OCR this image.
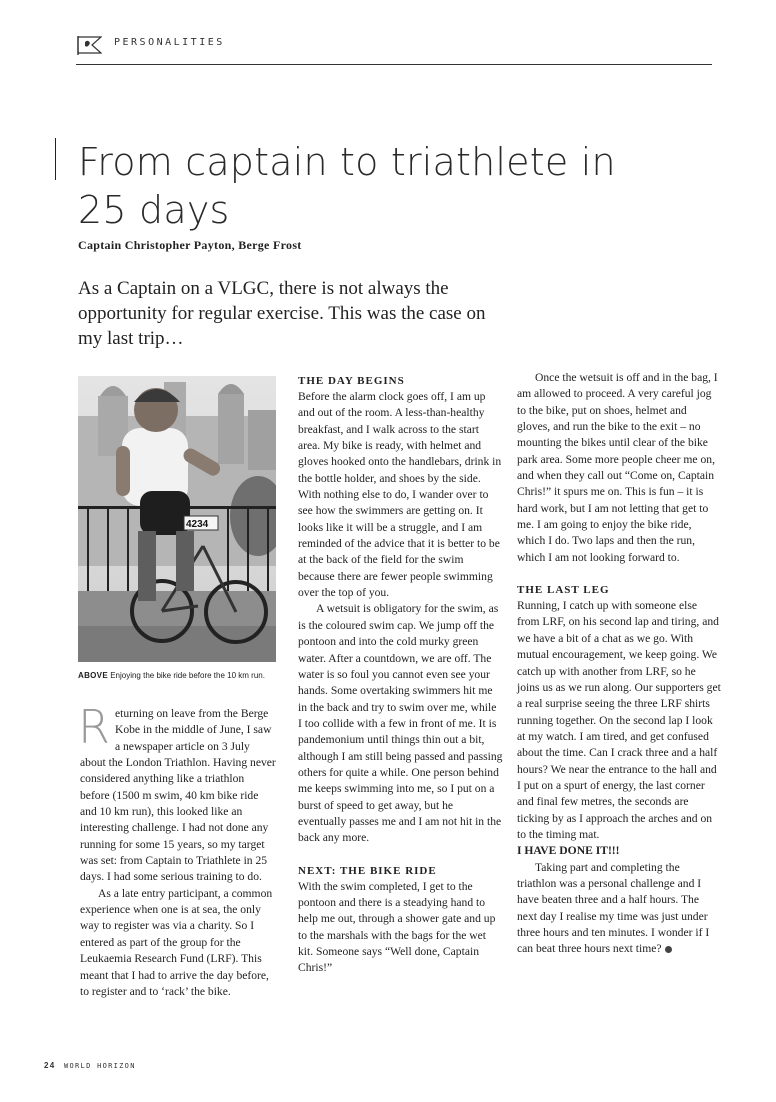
PERSONALITIES
From captain to triathlete in 25 days
Captain Christopher Payton, Berge Frost

As a Captain on a VLGC, there is not always the opportunity for regular exercise. This was the case on my last trip…

4234
ABOVE Enjoying the bike ride before the 10 km run.

Returning on leave from the Berge Kobe in the middle of June, I saw a newspaper article on 3 July about the London Triathlon. Having never considered anything like a triathlon before (1500 m swim, 40 km bike ride and 10 km run), this looked like an interesting challenge. I had not done any running for some 15 years, so my target was set: from Captain to Triathlete in 25 days. I had some serious training to do.

As a late entry participant, a common experience when one is at sea, the only way to register was via a charity. So I entered as part of the group for the Leukaemia Research Fund (LRF). This meant that I had to arrive the day before, to register and to ‘rack’ the bike.

THE DAY BEGINS

Before the alarm clock goes off, I am up and out of the room. A less-than-healthy breakfast, and I walk across to the start area. My bike is ready, with helmet and gloves hooked onto the handlebars, drink in the bottle holder, and shoes by the side. With nothing else to do, I wander over to see how the swimmers are getting on. It looks like it will be a struggle, and I am reminded of the advice that it is better to be at the back of the field for the swim because there are fewer people swimming over the top of you.

A wetsuit is obligatory for the swim, as is the coloured swim cap. We jump off the pontoon and into the cold murky green water. After a countdown, we are off. The water is so foul you cannot even see your hands. Some overtaking swimmers hit me in the back and try to swim over me, while I too collide with a few in front of me. It is pandemonium until things thin out a bit, although I am still being passed and passing others for quite a while. One person behind me keeps swimming into me, so I put on a burst of speed to get away, but he eventually passes me and I am not hit in the back any more.

NEXT: THE BIKE RIDE

With the swim completed, I get to the pontoon and there is a steadying hand to help me out, through a shower gate and up to the marshals with the bags for the wet kit. Someone says “Well done, Captain Chris!”

Once the wetsuit is off and in the bag, I am allowed to proceed. A very careful jog to the bike, put on shoes, helmet and gloves, and run the bike to the exit – no mounting the bikes until clear of the bike park area. Some more people cheer me on, and when they call out “Come on, Captain Chris!” it spurs me on. This is fun – it is hard work, but I am not letting that get to me. I am going to enjoy the bike ride, which I do. Two laps and then the run, which I am not looking forward to.

THE LAST LEG

Running, I catch up with someone else from LRF, on his second lap and tiring, and we have a bit of a chat as we go. With mutual encouragement, we keep going. We catch up with another from LRF, so he joins us as we run along. Our supporters get a real surprise seeing the three LRF shirts running together. On the second lap I look at my watch. I am tired, and get confused about the time. Can I crack three and a half hours? We near the entrance to the hall and I put on a spurt of energy, the last corner and final few metres, the seconds are ticking by as I approach the arches and on to the timing mat.

I HAVE DONE IT!!!

Taking part and completing the triathlon was a personal challenge and I have beaten three and a half hours. The next day I realise my time was just under three hours and ten minutes. I wonder if I can beat three hours next time?

24 WORLD HORIZON
